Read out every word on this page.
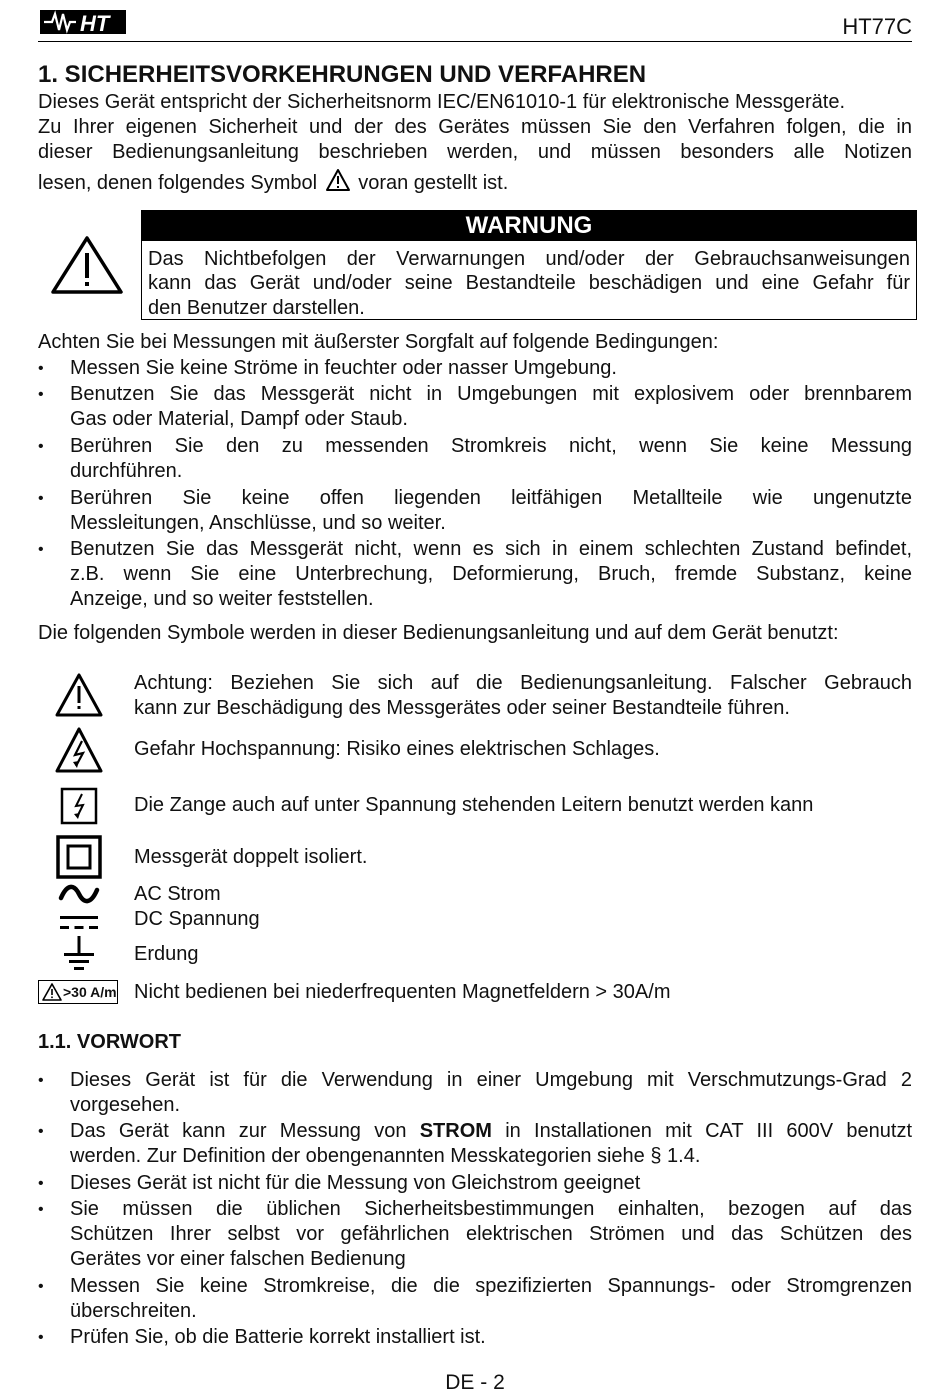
HT	HT77C
1. SICHERHEITSVORKEHRUNGEN UND VERFAHREN
Dieses Gerät entspricht der Sicherheitsnorm IEC/EN61010-1 für elektronische Messgeräte.
Zu Ihrer eigenen Sicherheit und der des Gerätes müssen Sie den Verfahren folgen, die in
dieser Bedienungsanleitung beschrieben werden, und müssen besonders alle Notizen
lesen, denen folgendes Symbol voran gestellt ist.
WARNUNG
Das Nichtbefolgen der Verwarnungen und/oder der Gebrauchsanweisungen
kann das Gerät und/oder seine Bestandteile beschädigen und eine Gefahr für
den Benutzer darstellen.
Achten Sie bei Messungen mit äußerster Sorgfalt auf folgende Bedingungen:
• Messen Sie keine Ströme in feuchter oder nasser Umgebung.
• Benutzen Sie das Messgerät nicht in Umgebungen mit explosivem oder brennbarem
Gas oder Material, Dampf oder Staub.
• Berühren Sie den zu messenden Stromkreis nicht, wenn Sie keine Messung
durchführen.
• Berühren Sie keine offen liegenden leitfähigen Metallteile wie ungenutzte
Messleitungen, Anschlüsse, und so weiter.
• Benutzen Sie das Messgerät nicht, wenn es sich in einem schlechten Zustand befindet,
z.B. wenn Sie eine Unterbrechung, Deformierung, Bruch, fremde Substanz, keine
Anzeige, und so weiter feststellen.
Die folgenden Symbole werden in dieser Bedienungsanleitung und auf dem Gerät benutzt:
Achtung: Beziehen Sie sich auf die Bedienungsanleitung. Falscher Gebrauch
kann zur Beschädigung des Messgerätes oder seiner Bestandteile führen.
Gefahr Hochspannung: Risiko eines elektrischen Schlages.
Die Zange auch auf unter Spannung stehenden Leitern benutzt werden kann
Messgerät doppelt isoliert.
AC Strom
DC Spannung
Erdung
>30 A/m Nicht bedienen bei niederfrequenten Magnetfeldern > 30A/m
1.1. VORWORT
• Dieses Gerät ist für die Verwendung in einer Umgebung mit Verschmutzungs-Grad 2
vorgesehen.
• Das Gerät kann zur Messung von STROM in Installationen mit CAT III 600V benutzt
werden. Zur Definition der obengenannten Messkategorien siehe § 1.4.
• Dieses Gerät ist nicht für die Messung von Gleichstrom geeignet
• Sie müssen die üblichen Sicherheitsbestimmungen einhalten, bezogen auf das
Schützen Ihrer selbst vor gefährlichen elektrischen Strömen und das Schützen des
Gerätes vor einer falschen Bedienung
• Messen Sie keine Stromkreise, die die spezifizierten Spannungs- oder Stromgrenzen
überschreiten.
• Prüfen Sie, ob die Batterie korrekt installiert ist.
DE - 2
